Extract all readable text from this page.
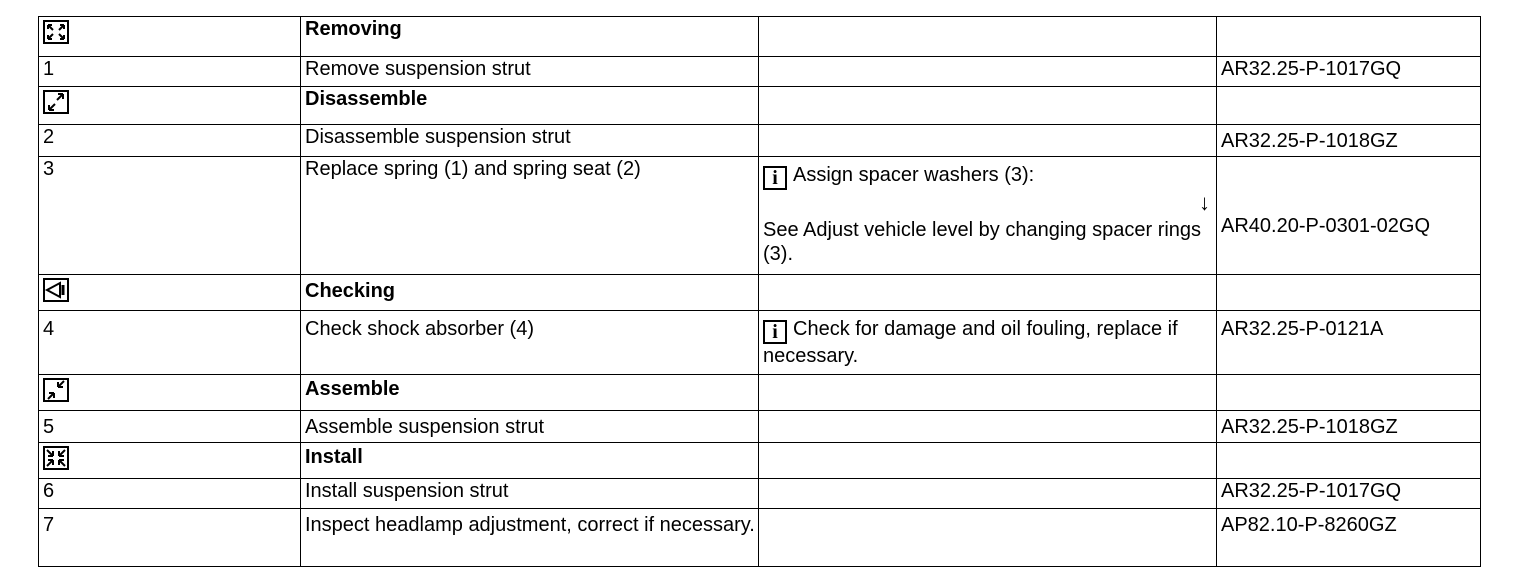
	Removing		
1	Remove suspension strut		AR32.25-P-1017GQ

	Disassemble		
2	Disassemble suspension strut		AR32.25-P-1018GZ
3	Replace spring (1) and spring seat (2)	i Assign spacer washers (3):
↓
See Adjust vehicle level by changing spacer rings (3).	AR40.20-P-0301-02GQ

	Checking		
4	Check shock absorber (4)	i Check for damage and oil fouling, replace if necessary.	AR32.25-P-0121A

	Assemble		
5	Assemble suspension strut		AR32.25-P-1018GZ

	Install		
6	Install suspension strut		AR32.25-P-1017GQ
7	Inspect headlamp adjustment, correct if necessary.		AP82.10-P-8260GZ
